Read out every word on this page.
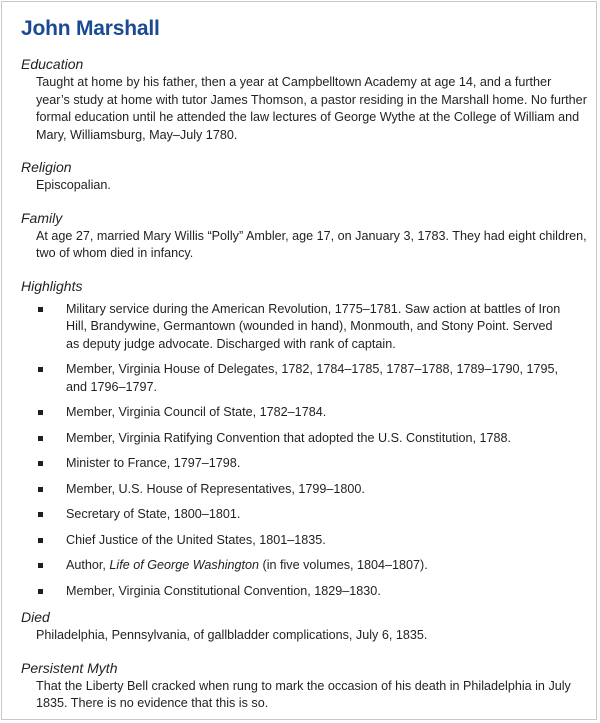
John Marshall
Education
Taught at home by his father, then a year at Campbelltown Academy at age 14, and a further year’s study at home with tutor James Thomson, a pastor residing in the Marshall home. No further formal education until he attended the law lectures of George Wythe at the College of William and Mary, Williamsburg, May–July 1780.
Religion
Episcopalian.
Family
At age 27, married Mary Willis “Polly” Ambler, age 17, on January 3, 1783. They had eight children, two of whom died in infancy.
Highlights
Military service during the American Revolution, 1775–1781. Saw action at battles of Iron Hill, Brandywine, Germantown (wounded in hand), Monmouth, and Stony Point. Served as deputy judge advocate. Discharged with rank of captain.
Member, Virginia House of Delegates, 1782, 1784–1785, 1787–1788, 1789–1790, 1795, and 1796–1797.
Member, Virginia Council of State, 1782–1784.
Member, Virginia Ratifying Convention that adopted the U.S. Constitution, 1788.
Minister to France, 1797–1798.
Member, U.S. House of Representatives, 1799–1800.
Secretary of State, 1800–1801.
Chief Justice of the United States, 1801–1835.
Author, Life of George Washington (in five volumes, 1804–1807).
Member, Virginia Constitutional Convention, 1829–1830.
Died
Philadelphia, Pennsylvania, of gallbladder complications, July 6, 1835.
Persistent Myth
That the Liberty Bell cracked when rung to mark the occasion of his death in Philadelphia in July 1835. There is no evidence that this is so.
